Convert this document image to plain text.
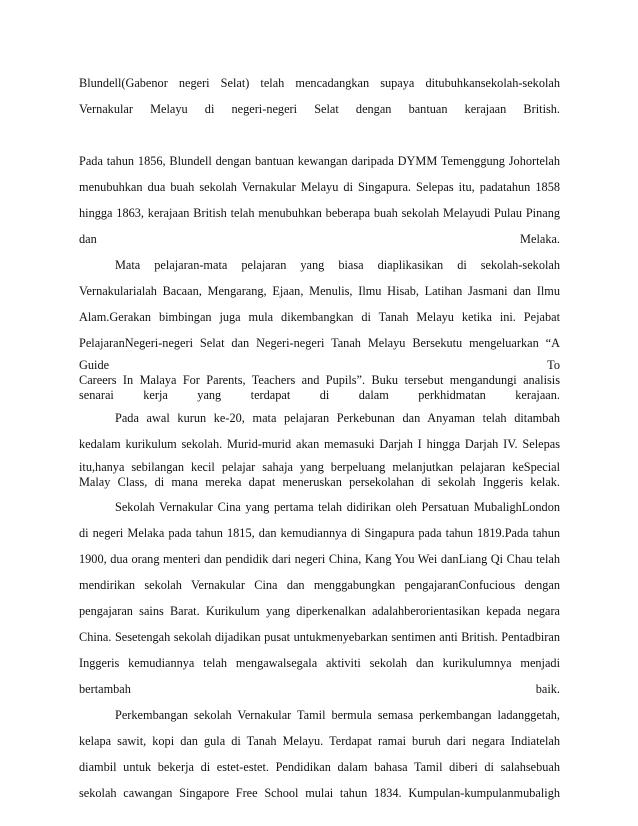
Blundell(Gabenor negeri Selat) telah mencadangkan supaya ditubuhkansekolah-sekolah
Vernakular Melayu di negeri-negeri Selat dengan bantuan kerajaan British.
Pada tahun 1856, Blundell dengan bantuan kewangan daripada DYMM Temenggung Johortelah
menubuhkan dua buah sekolah Vernakular Melayu di Singapura. Selepas itu, padatahun 1858
hingga 1863, kerajaan British telah menubuhkan beberapa buah sekolah Melayudi Pulau Pinang
dan Melaka.
Mata pelajaran-mata pelajaran yang biasa diaplikasikan di sekolah-sekolah
Vernakularialah Bacaan, Mengarang, Ejaan, Menulis, Ilmu Hisab, Latihan Jasmani dan Ilmu
Alam.Gerakan bimbingan juga mula dikembangkan di Tanah Melayu ketika ini. Pejabat
PelajaranNegeri-negeri Selat dan Negeri-negeri Tanah Melayu Bersekutu mengeluarkan “A
Guide To
Careers In Malaya For Parents, Teachers and Pupils”. Buku tersebut mengandungi analisis
senarai kerja yang terdapat di dalam perkhidmatan kerajaan.
Pada awal kurun ke-20, mata pelajaran Perkebunan dan Anyaman telah ditambah
kedalam kurikulum sekolah. Murid-murid akan memasuki Darjah I hingga Darjah IV. Selepas
itu,hanya sebilangan kecil pelajar sahaja yang berpeluang melanjutkan pelajaran keSpecial
Malay Class, di mana mereka dapat meneruskan persekolahan di sekolah Inggeris kelak.
Sekolah Vernakular Cina yang pertama telah didirikan oleh Persatuan MubalighLondon
di negeri Melaka pada tahun 1815, dan kemudiannya di Singapura pada tahun 1819.Pada tahun
1900, dua orang menteri dan pendidik dari negeri China, Kang You Wei danLiang Qi Chau telah
mendirikan sekolah Vernakular Cina dan menggabungkan pengajaranConfucious dengan
pengajaran sains Barat. Kurikulum yang diperkenalkan adalahberorientasikan kepada negara
China. Sesetengah sekolah dijadikan pusat untukmenyebarkan sentimen anti British. Pentadbiran
Inggeris kemudiannya telah mengawalsegala aktiviti sekolah dan kurikulumnya menjadi
bertambah baik.
Perkembangan sekolah Vernakular Tamil bermula semasa perkembangan ladanggetah,
kelapa sawit, kopi dan gula di Tanah Melayu. Terdapat ramai buruh dari negara Indiatelah
diambil untuk bekerja di estet-estet. Pendidikan dalam bahasa Tamil diberi di salahsebuah
sekolah cawangan Singapore Free School mulai tahun 1834. Kumpulan-kumpulanmubaligh
